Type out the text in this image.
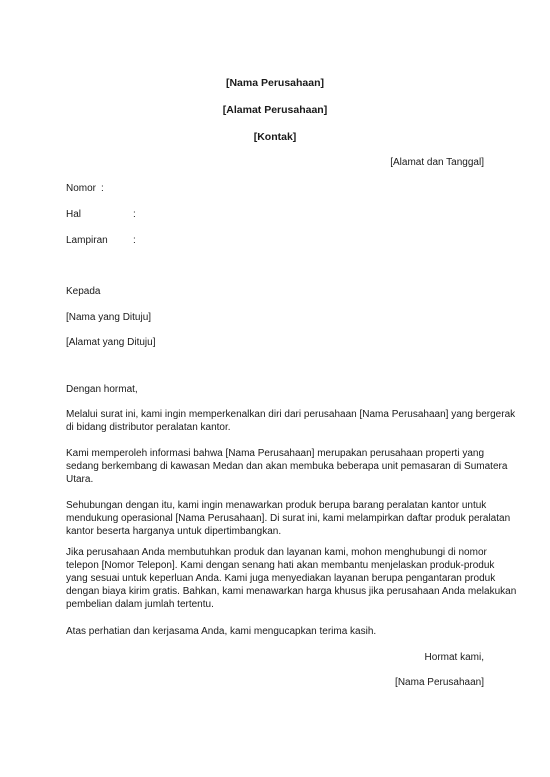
[Nama Perusahaan]
[Alamat Perusahaan]
[Kontak]
[Alamat dan Tanggal]
Nomor :
Hal	:
Lampiran	:
Kepada
[Nama yang Dituju]
[Alamat yang Dituju]
Dengan hormat,
Melalui surat ini, kami ingin memperkenalkan diri dari perusahaan [Nama Perusahaan] yang bergerak
di bidang distributor peralatan kantor.
Kami memperoleh informasi bahwa [Nama Perusahaan] merupakan perusahaan properti yang
sedang berkembang di kawasan Medan dan akan membuka beberapa unit pemasaran di Sumatera
Utara.
Sehubungan dengan itu, kami ingin menawarkan produk berupa barang peralatan kantor untuk
mendukung operasional [Nama Perusahaan]. Di surat ini, kami melampirkan daftar produk peralatan
kantor beserta harganya untuk dipertimbangkan.
Jika perusahaan Anda membutuhkan produk dan layanan kami, mohon menghubungi di nomor
telepon [Nomor Telepon]. Kami dengan senang hati akan membantu menjelaskan produk-produk
yang sesuai untuk keperluan Anda. Kami juga menyediakan layanan berupa pengantaran produk
dengan biaya kirim gratis. Bahkan, kami menawarkan harga khusus jika perusahaan Anda melakukan
pembelian dalam jumlah tertentu.
Atas perhatian dan kerjasama Anda, kami mengucapkan terima kasih.
Hormat kami,
[Nama Perusahaan]
